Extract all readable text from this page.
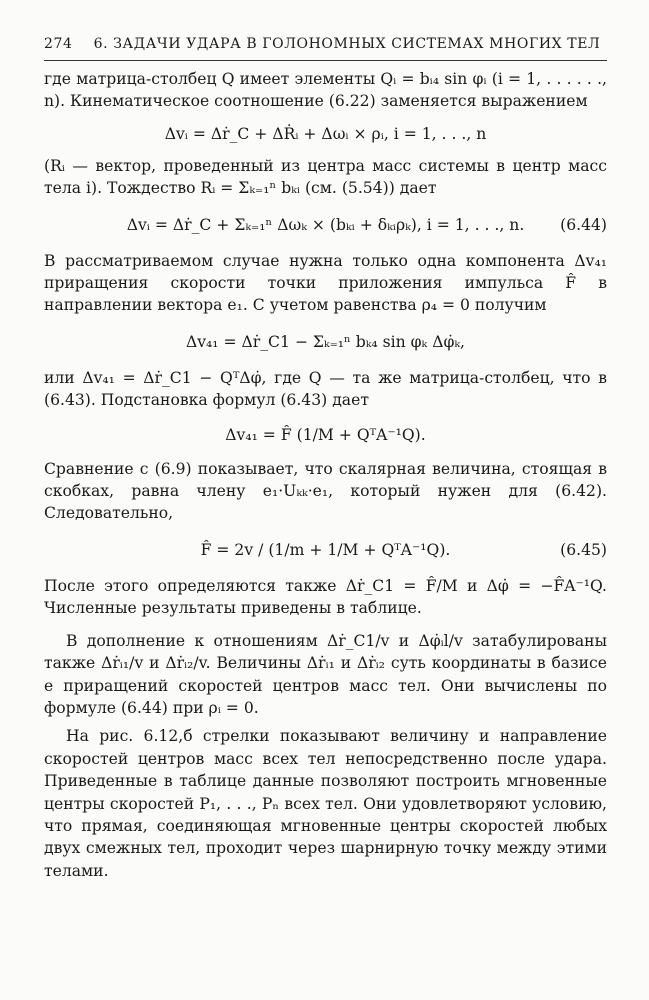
274 6. ЗАДАЧИ УДАРА В ГОЛОНОМНЫХ СИСТЕМАХ МНОГИХ ТЕЛ

где матрица-столбец Q имеет элементы Qᵢ = bᵢ₄ sin φᵢ (i = 1, . . . . . ., n). Кинематическое соотношение (6.22) заменяется выражением

Δvᵢ = Δṙ_C + ΔṘᵢ + Δωᵢ × ρᵢ, i = 1, . . ., n

(Rᵢ — вектор, проведенный из центра масс системы в центр масс тела i). Тождество Rᵢ = Σₖ₌₁ⁿ bₖᵢ (см. (5.54)) дает

Δvᵢ = Δṙ_C + Σₖ₌₁ⁿ Δωₖ × (bₖᵢ + δₖᵢρₖ), i = 1, . . ., n. (6.44)

В рассматриваемом случае нужна только одна компонента Δv₄₁ приращения скорости точки приложения импульса F̂ в направлении вектора e₁. С учетом равенства ρ₄ = 0 получим

Δv₄₁ = Δṙ_C1 − Σₖ₌₁ⁿ bₖ₄ sin φₖ Δφ̇ₖ,

или Δv₄₁ = Δṙ_C1 − QᵀΔφ̇, где Q — та же матрица-столбец, что в (6.43). Подстановка формул (6.43) дает

Δv₄₁ = F̂ (1/M + QᵀA⁻¹Q).

Сравнение с (6.9) показывает, что скалярная величина, стоящая в скобках, равна члену e₁·Uₖₖ·e₁, который нужен для (6.42). Следовательно,

F̂ = 2v / (1/m + 1/M + QᵀA⁻¹Q).	(6.45)

После этого определяются также Δṙ_C1 = F̂/M и Δφ̇ = −F̂A⁻¹Q. Численные результаты приведены в таблице.

В дополнение к отношениям Δṙ_C1/v и Δφ̇ᵢl/v затабулированы также Δṙᵢ₁/v и Δṙᵢ₂/v. Величины Δṙᵢ₁ и Δṙᵢ₂ суть координаты в базисе e приращений скоростей центров масс тел. Они вычислены по формуле (6.44) при ρᵢ = 0.

На рис. 6.12,б стрелки показывают величину и направление скоростей центров масс всех тел непосредственно после удара. Приведенные в таблице данные позволяют построить мгновенные центры скоростей P₁, . . ., Pₙ всех тел. Они удовлетворяют условию, что прямая, соединяющая мгновенные центры скоростей любых двух смежных тел, проходит через шарнирную точку между этими телами.
